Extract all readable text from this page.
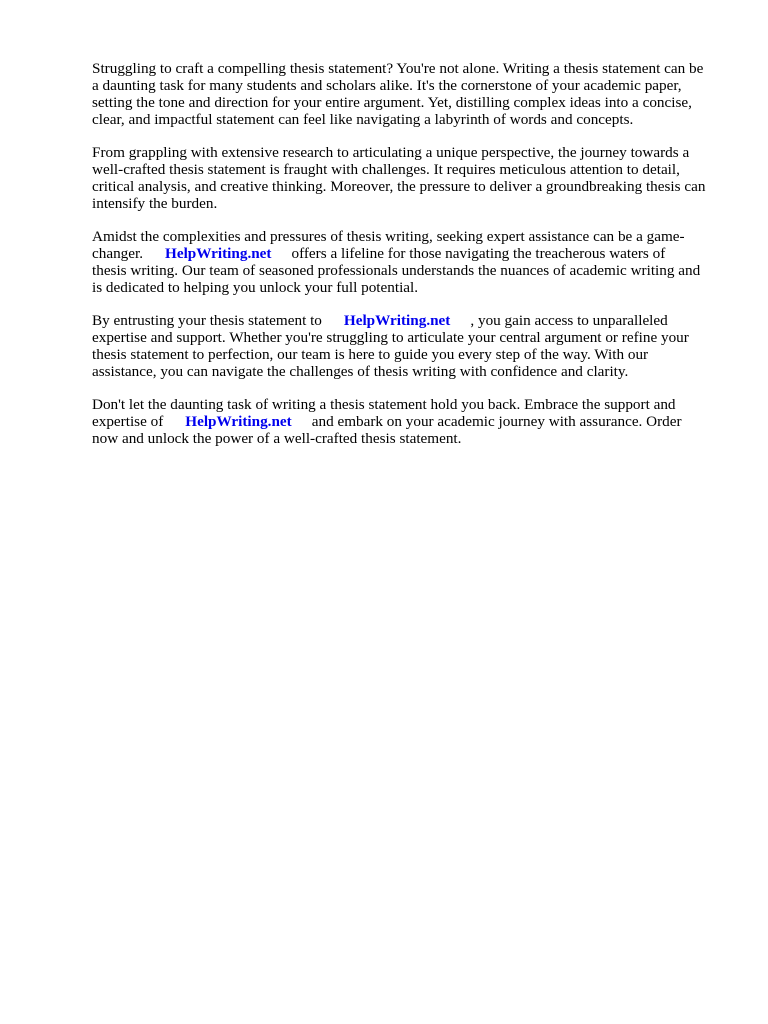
Struggling to craft a compelling thesis statement? You're not alone. Writing a thesis statement can be
a daunting task for many students and scholars alike. It's the cornerstone of your academic paper,
setting the tone and direction for your entire argument. Yet, distilling complex ideas into a concise,
clear, and impactful statement can feel like navigating a labyrinth of words and concepts.

From grappling with extensive research to articulating a unique perspective, the journey towards a
well-crafted thesis statement is fraught with challenges. It requires meticulous attention to detail,
critical analysis, and creative thinking. Moreover, the pressure to deliver a groundbreaking thesis can
intensify the burden.

Amidst the complexities and pressures of thesis writing, seeking expert assistance can be a game-
changer. HelpWriting.net offers a lifeline for those navigating the treacherous waters of
thesis writing. Our team of seasoned professionals understands the nuances of academic writing and
is dedicated to helping you unlock your full potential.

By entrusting your thesis statement to HelpWriting.net , you gain access to unparalleled
expertise and support. Whether you're struggling to articulate your central argument or refine your
thesis statement to perfection, our team is here to guide you every step of the way. With our
assistance, you can navigate the challenges of thesis writing with confidence and clarity.

Don't let the daunting task of writing a thesis statement hold you back. Embrace the support and
expertise of HelpWriting.net and embark on your academic journey with assurance. Order
now and unlock the power of a well-crafted thesis statement.
